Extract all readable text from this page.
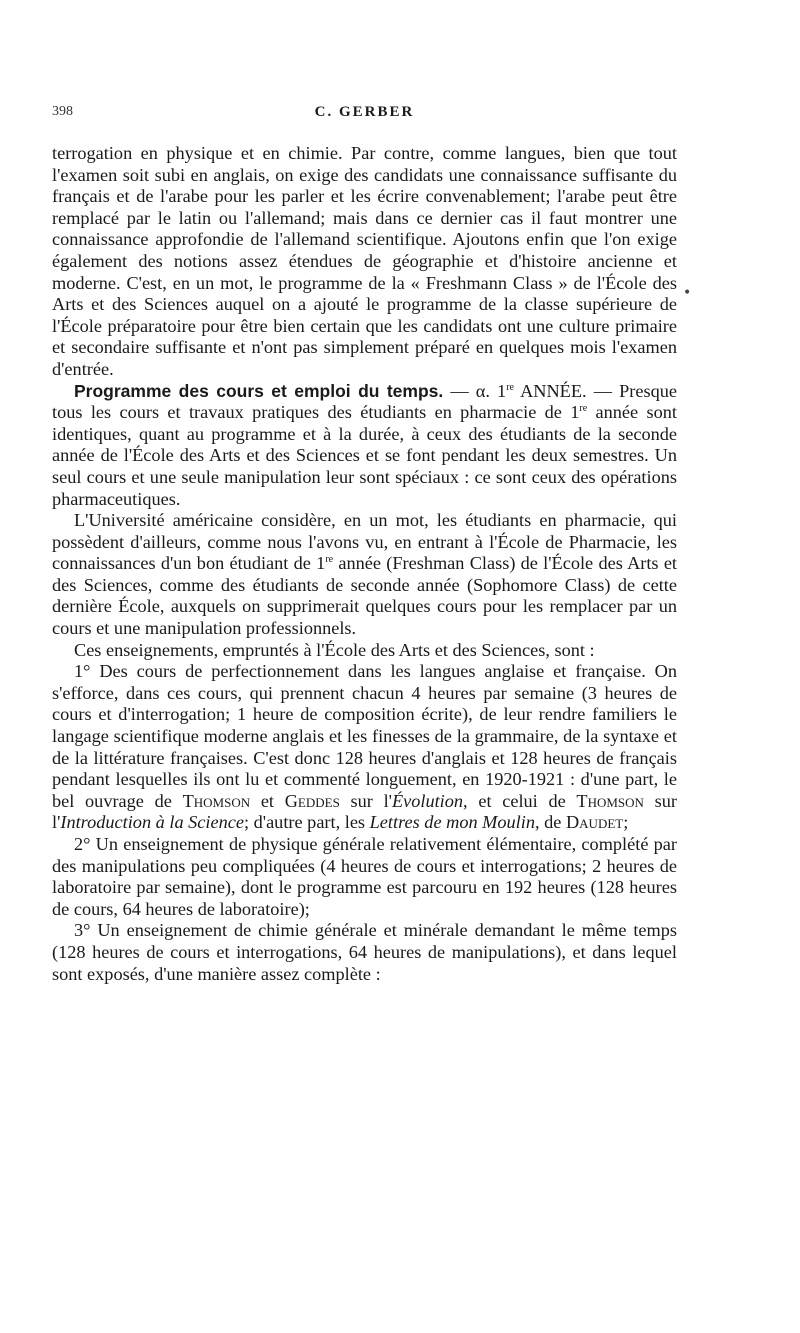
398	C. GERBER
•

terrogation en physique et en chimie. Par contre, comme langues, bien que tout l'examen soit subi en anglais, on exige des candidats une connaissance suffisante du français et de l'arabe pour les parler et les écrire convenablement; l'arabe peut être remplacé par le latin ou l'allemand; mais dans ce dernier cas il faut montrer une connaissance approfondie de l'allemand scientifique. Ajoutons enfin que l'on exige également des notions assez étendues de géographie et d'histoire ancienne et moderne. C'est, en un mot, le programme de la « Freshmann Class » de l'École des Arts et des Sciences auquel on a ajouté le programme de la classe supérieure de l'École préparatoire pour être bien certain que les candidats ont une culture primaire et secondaire suffisante et n'ont pas simplement préparé en quelques mois l'examen d'entrée.

Programme des cours et emploi du temps. — α. 1re ANNÉE. — Presque tous les cours et travaux pratiques des étudiants en pharmacie de 1re année sont identiques, quant au programme et à la durée, à ceux des étudiants de la seconde année de l'École des Arts et des Sciences et se font pendant les deux semestres. Un seul cours et une seule manipulation leur sont spéciaux : ce sont ceux des opérations pharmaceutiques.

L'Université américaine considère, en un mot, les étudiants en pharmacie, qui possèdent d'ailleurs, comme nous l'avons vu, en entrant à l'École de Pharmacie, les connaissances d'un bon étudiant de 1re année (Freshman Class) de l'École des Arts et des Sciences, comme des étudiants de seconde année (Sophomore Class) de cette dernière École, auxquels on supprimerait quelques cours pour les remplacer par un cours et une manipulation professionnels.

Ces enseignements, empruntés à l'École des Arts et des Sciences, sont :

1° Des cours de perfectionnement dans les langues anglaise et française. On s'efforce, dans ces cours, qui prennent chacun 4 heures par semaine (3 heures de cours et d'interrogation; 1 heure de composition écrite), de leur rendre familiers le langage scientifique moderne anglais et les finesses de la grammaire, de la syntaxe et de la littérature françaises. C'est donc 128 heures d'anglais et 128 heures de français pendant lesquelles ils ont lu et commenté longuement, en 1920-1921 : d'une part, le bel ouvrage de Thomson et Geddes sur l'Évolution, et celui de Thomson sur l'Introduction à la Science; d'autre part, les Lettres de mon Moulin, de Daudet;

2° Un enseignement de physique générale relativement élémentaire, complété par des manipulations peu compliquées (4 heures de cours et interrogations; 2 heures de laboratoire par semaine), dont le programme est parcouru en 192 heures (128 heures de cours, 64 heures de laboratoire);

3° Un enseignement de chimie générale et minérale demandant le même temps (128 heures de cours et interrogations, 64 heures de manipulations), et dans lequel sont exposés, d'une manière assez complète :
